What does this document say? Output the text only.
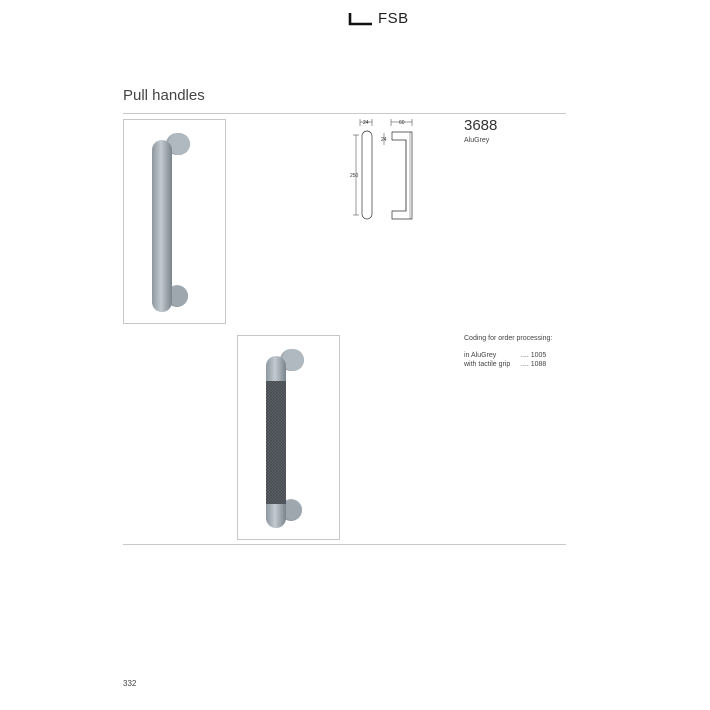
FSB
Pull handles
24	60
24
250
3688
AluGrey
Coding for order processing:
in AluGrey	.... 1005
with tactile grip .... 1088
332
